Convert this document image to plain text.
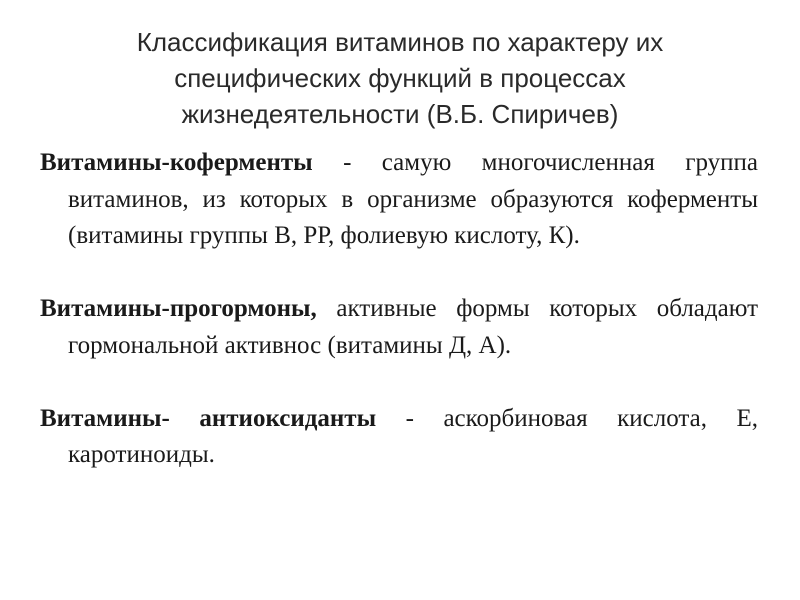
Классификация витаминов по характеру их
специфических функций в процессах
жизнедеятельности (В.Б. Спиричев)

Витамины-коферменты - самую многочисленная группа витаминов, из которых в организме образуются коферменты (витамины группы В, РР, фолиевую кислоту, К).

Витамины-прогормоны, активные формы которых обладают гормональной активнос (витамины Д, А).

Витамины- антиоксиданты - аскорбиновая кислота, Е, каротиноиды.
